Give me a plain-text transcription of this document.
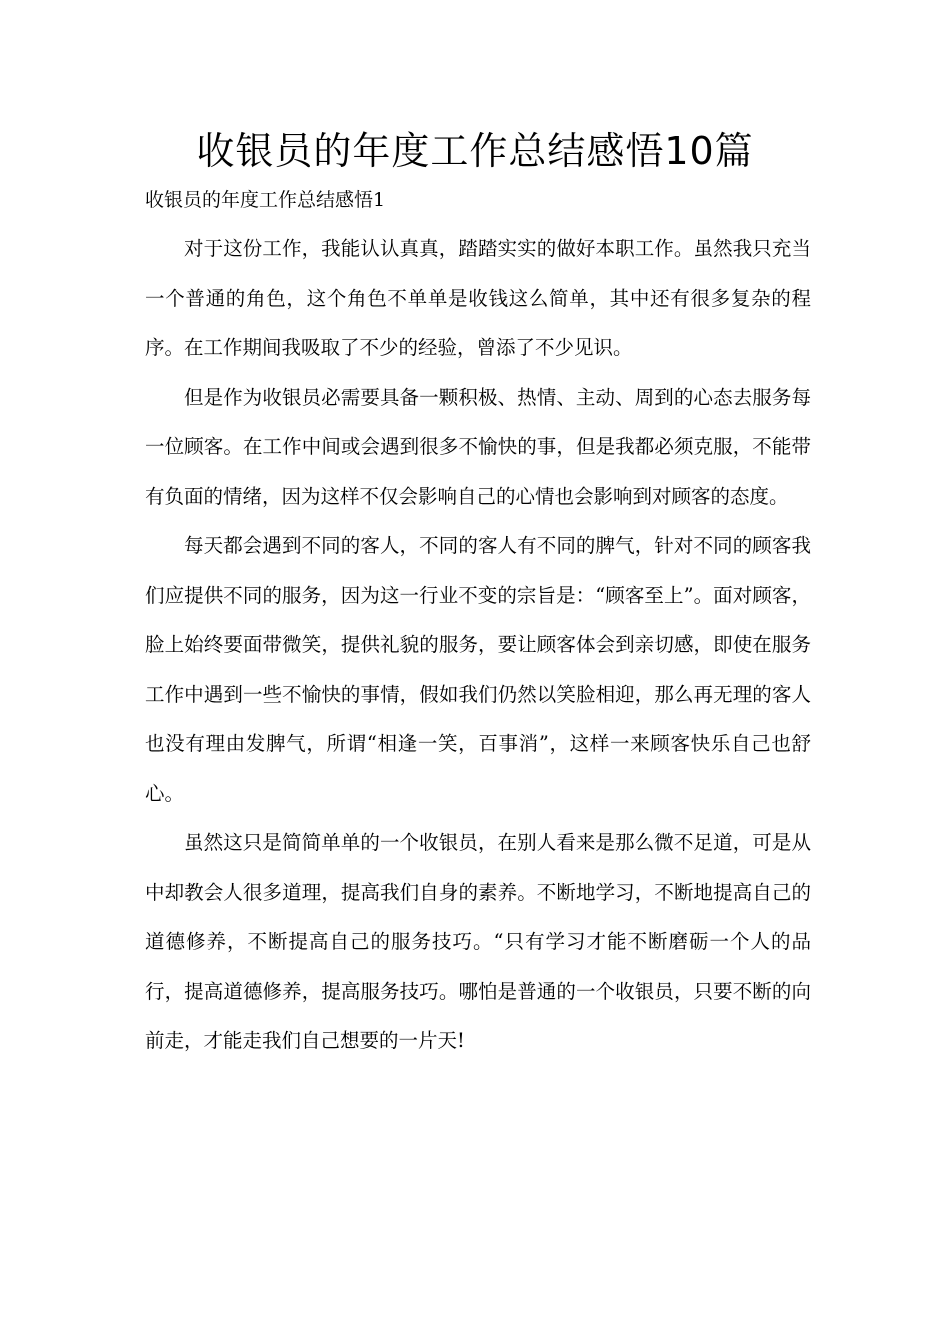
收银员的年度工作总结感悟10篇

收银员的年度工作总结感悟1

对于这份工作，我能认认真真，踏踏实实的做好本职工作。虽然我只充当一个普通的角色，这个角色不单单是收钱这么简单，其中还有很多复杂的程序。在工作期间我吸取了不少的经验，曾添了不少见识。

但是作为收银员必需要具备一颗积极、热情、主动、周到的心态去服务每一位顾客。在工作中间或会遇到很多不愉快的事，但是我都必须克服，不能带有负面的情绪，因为这样不仅会影响自己的心情也会影响到对顾客的态度。

每天都会遇到不同的客人，不同的客人有不同的脾气，针对不同的顾客我们应提供不同的服务，因为这一行业不变的宗旨是：“顾客至上”。面对顾客，脸上始终要面带微笑，提供礼貌的服务，要让顾客体会到亲切感，即使在服务工作中遇到一些不愉快的事情，假如我们仍然以笑脸相迎，那么再无理的客人也没有理由发脾气，所谓“相逢一笑，百事消”，这样一来顾客快乐自己也舒心。

虽然这只是简简单单的一个收银员，在别人看来是那么微不足道，可是从中却教会人很多道理，提高我们自身的素养。不断地学习，不断地提高自己的道德修养，不断提高自己的服务技巧。“只有学习才能不断磨砺一个人的品行，提高道德修养，提高服务技巧。哪怕是普通的一个收银员，只要不断的向前走，才能走我们自己想要的一片天!
